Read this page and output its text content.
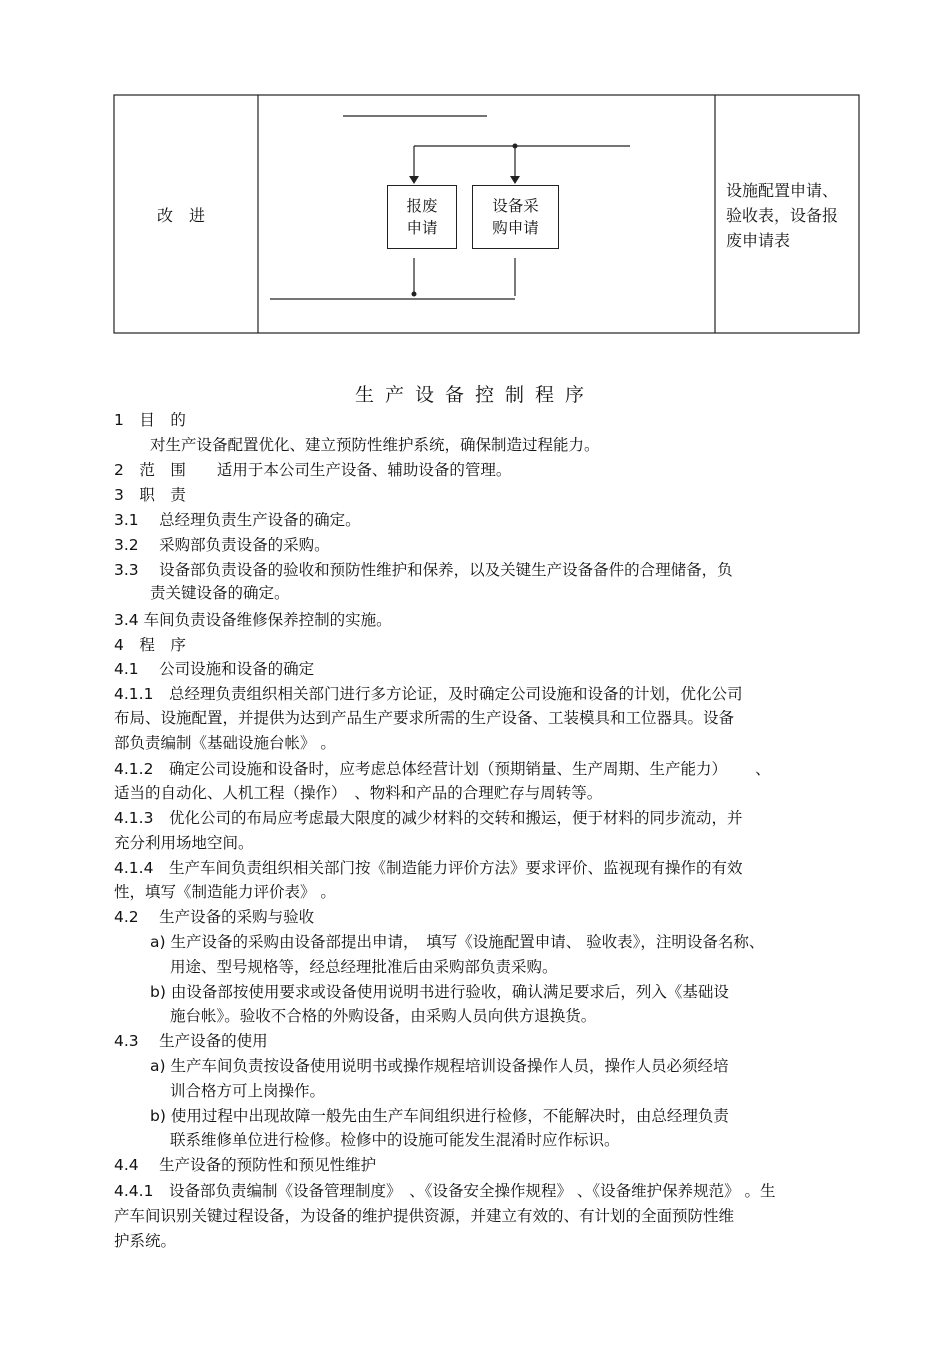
改　进	报废
申请
设备采
购申请
设施配置申请、
验收表，设备报
废申请表
生产设备控制程序
1　目　的
对生产设备配置优化、建立预防性维护系统，确保制造过程能力。
2　范　围　　适用于本公司生产设备、辅助设备的管理。
3　职　责
3.1　 总经理负责生产设备的确定。
3.2　 采购部负责设备的采购。
3.3　 设备部负责设备的验收和预防性维护和保养，以及关键生产设备备件的合理储备，负
责关键设备的确定。
3.4 车间负责设备维修保养控制的实施。
4　程　序
4.1　 公司设施和设备的确定
4.1.1　总经理负责组织相关部门进行多方论证，及时确定公司设施和设备的计划，优化公司
布局、设施配置，并提供为达到产品生产要求所需的生产设备、工装模具和工位器具。设备
部负责编制《基础设施台帐》 。
4.1.2　确定公司设施和设备时，应考虑总体经营计划（预期销量、生产周期、生产能力）　　 、
适当的自动化、人机工程（操作）　、物料和产品的合理贮存与周转等。
4.1.3　优化公司的布局应考虑最大限度的减少材料的交转和搬运，便于材料的同步流动，并
充分利用场地空间。
4.1.4　生产车间负责组织相关部门按《制造能力评价方法》要求评价、监视现有操作的有效
性，填写《制造能力评价表》 。
4.2　 生产设备的采购与验收
a) 生产设备的采购由设备部提出申请，　填写《设施配置申请、 验收表》，注明设备名称、
用途、型号规格等，经总经理批准后由采购部负责采购。
b) 由设备部按使用要求或设备使用说明书进行验收，确认满足要求后，列入《基础设
施台帐》。验收不合格的外购设备，由采购人员向供方退换货。
4.3　 生产设备的使用
a) 生产车间负责按设备使用说明书或操作规程培训设备操作人员，操作人员必须经培
训合格方可上岗操作。
b) 使用过程中出现故障一般先由生产车间组织进行检修，不能解决时，由总经理负责
联系维修单位进行检修。检修中的设施可能发生混淆时应作标识。
4.4　 生产设备的预防性和预见性维护
4.4.1　设备部负责编制《设备管理制度》　、《设备安全操作规程》 、《设备维护保养规范》 。生
产车间识别关键过程设备，为设备的维护提供资源，并建立有效的、有计划的全面预防性维
护系统。
